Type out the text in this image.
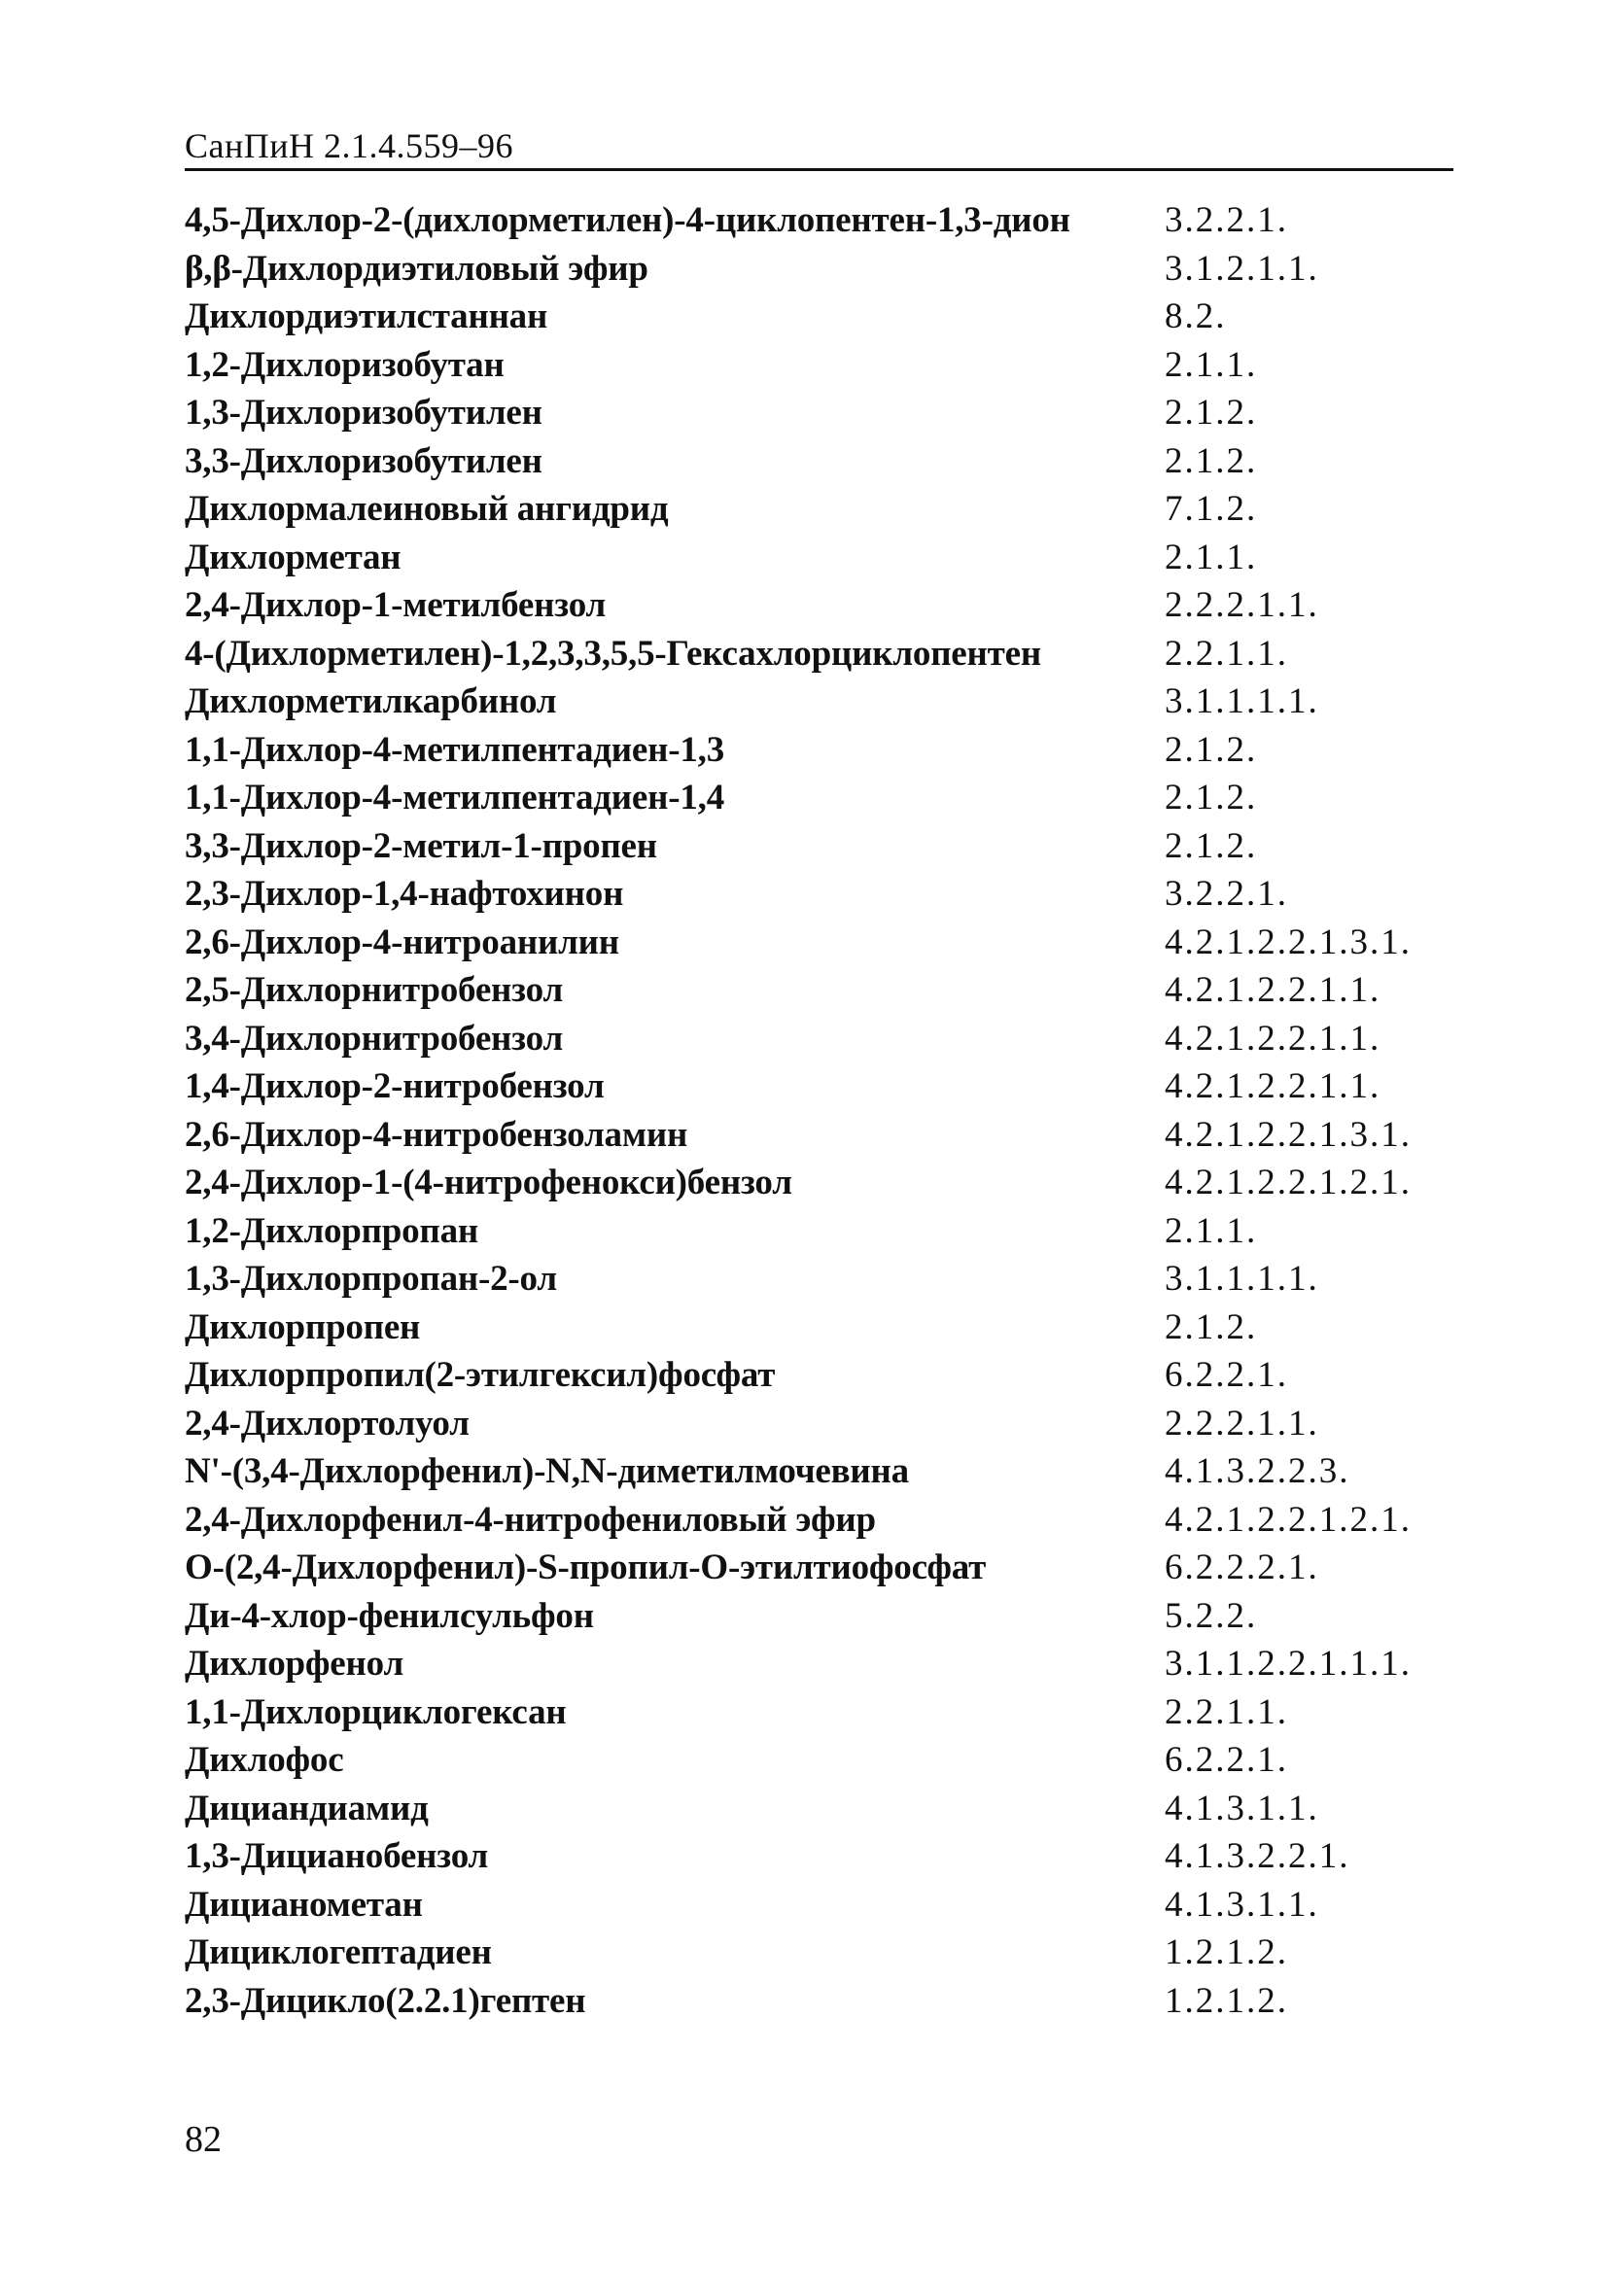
СанПиН 2.1.4.559–96
4,5-Дихлор-2-(дихлорметилен)-4-циклопентен-1,3-дион	3.2.2.1.
β,β-Дихлордиэтиловый эфир	3.1.2.1.1.
Дихлордиэтилстаннан	8.2.
1,2-Дихлоризобутан	2.1.1.
1,3-Дихлоризобутилен	2.1.2.
3,3-Дихлоризобутилен	2.1.2.
Дихлормалеиновый ангидрид	7.1.2.
Дихлорметан	2.1.1.
2,4-Дихлор-1-метилбензол	2.2.2.1.1.
4-(Дихлорметилен)-1,2,3,3,5,5-Гексахлорциклопентен	2.2.1.1.
Дихлорметилкарбинол	3.1.1.1.1.
1,1-Дихлор-4-метилпентадиен-1,3	2.1.2.
1,1-Дихлор-4-метилпентадиен-1,4	2.1.2.
3,3-Дихлор-2-метил-1-пропен	2.1.2.
2,3-Дихлор-1,4-нафтохинон	3.2.2.1.
2,6-Дихлор-4-нитроанилин	4.2.1.2.2.1.3.1.
2,5-Дихлорнитробензол	4.2.1.2.2.1.1.
3,4-Дихлорнитробензол	4.2.1.2.2.1.1.
1,4-Дихлор-2-нитробензол	4.2.1.2.2.1.1.
2,6-Дихлор-4-нитробензоламин	4.2.1.2.2.1.3.1.
2,4-Дихлор-1-(4-нитрофенокси)бензол	4.2.1.2.2.1.2.1.
1,2-Дихлорпропан	2.1.1.
1,3-Дихлорпропан-2-ол	3.1.1.1.1.
Дихлорпропен	2.1.2.
Дихлорпропил(2-этилгексил)фосфат	6.2.2.1.
2,4-Дихлортолуол	2.2.2.1.1.
N'-(3,4-Дихлорфенил)-N,N-диметилмочевина	4.1.3.2.2.3.
2,4-Дихлорфенил-4-нитрофениловый эфир	4.2.1.2.2.1.2.1.
O-(2,4-Дихлорфенил)-S-пропил-O-этилтиофосфат	6.2.2.2.1.
Ди-4-хлор-фенилсульфон	5.2.2.
Дихлорфенол	3.1.1.2.2.1.1.1.
1,1-Дихлорциклогексан	2.2.1.1.
Дихлофос	6.2.2.1.
Дициандиамид	4.1.3.1.1.
1,3-Дицианобензол	4.1.3.2.2.1.
Дицианометан	4.1.3.1.1.
Дициклогептадиен	1.2.1.2.
2,3-Дицикло(2.2.1)гептен	1.2.1.2.
82
